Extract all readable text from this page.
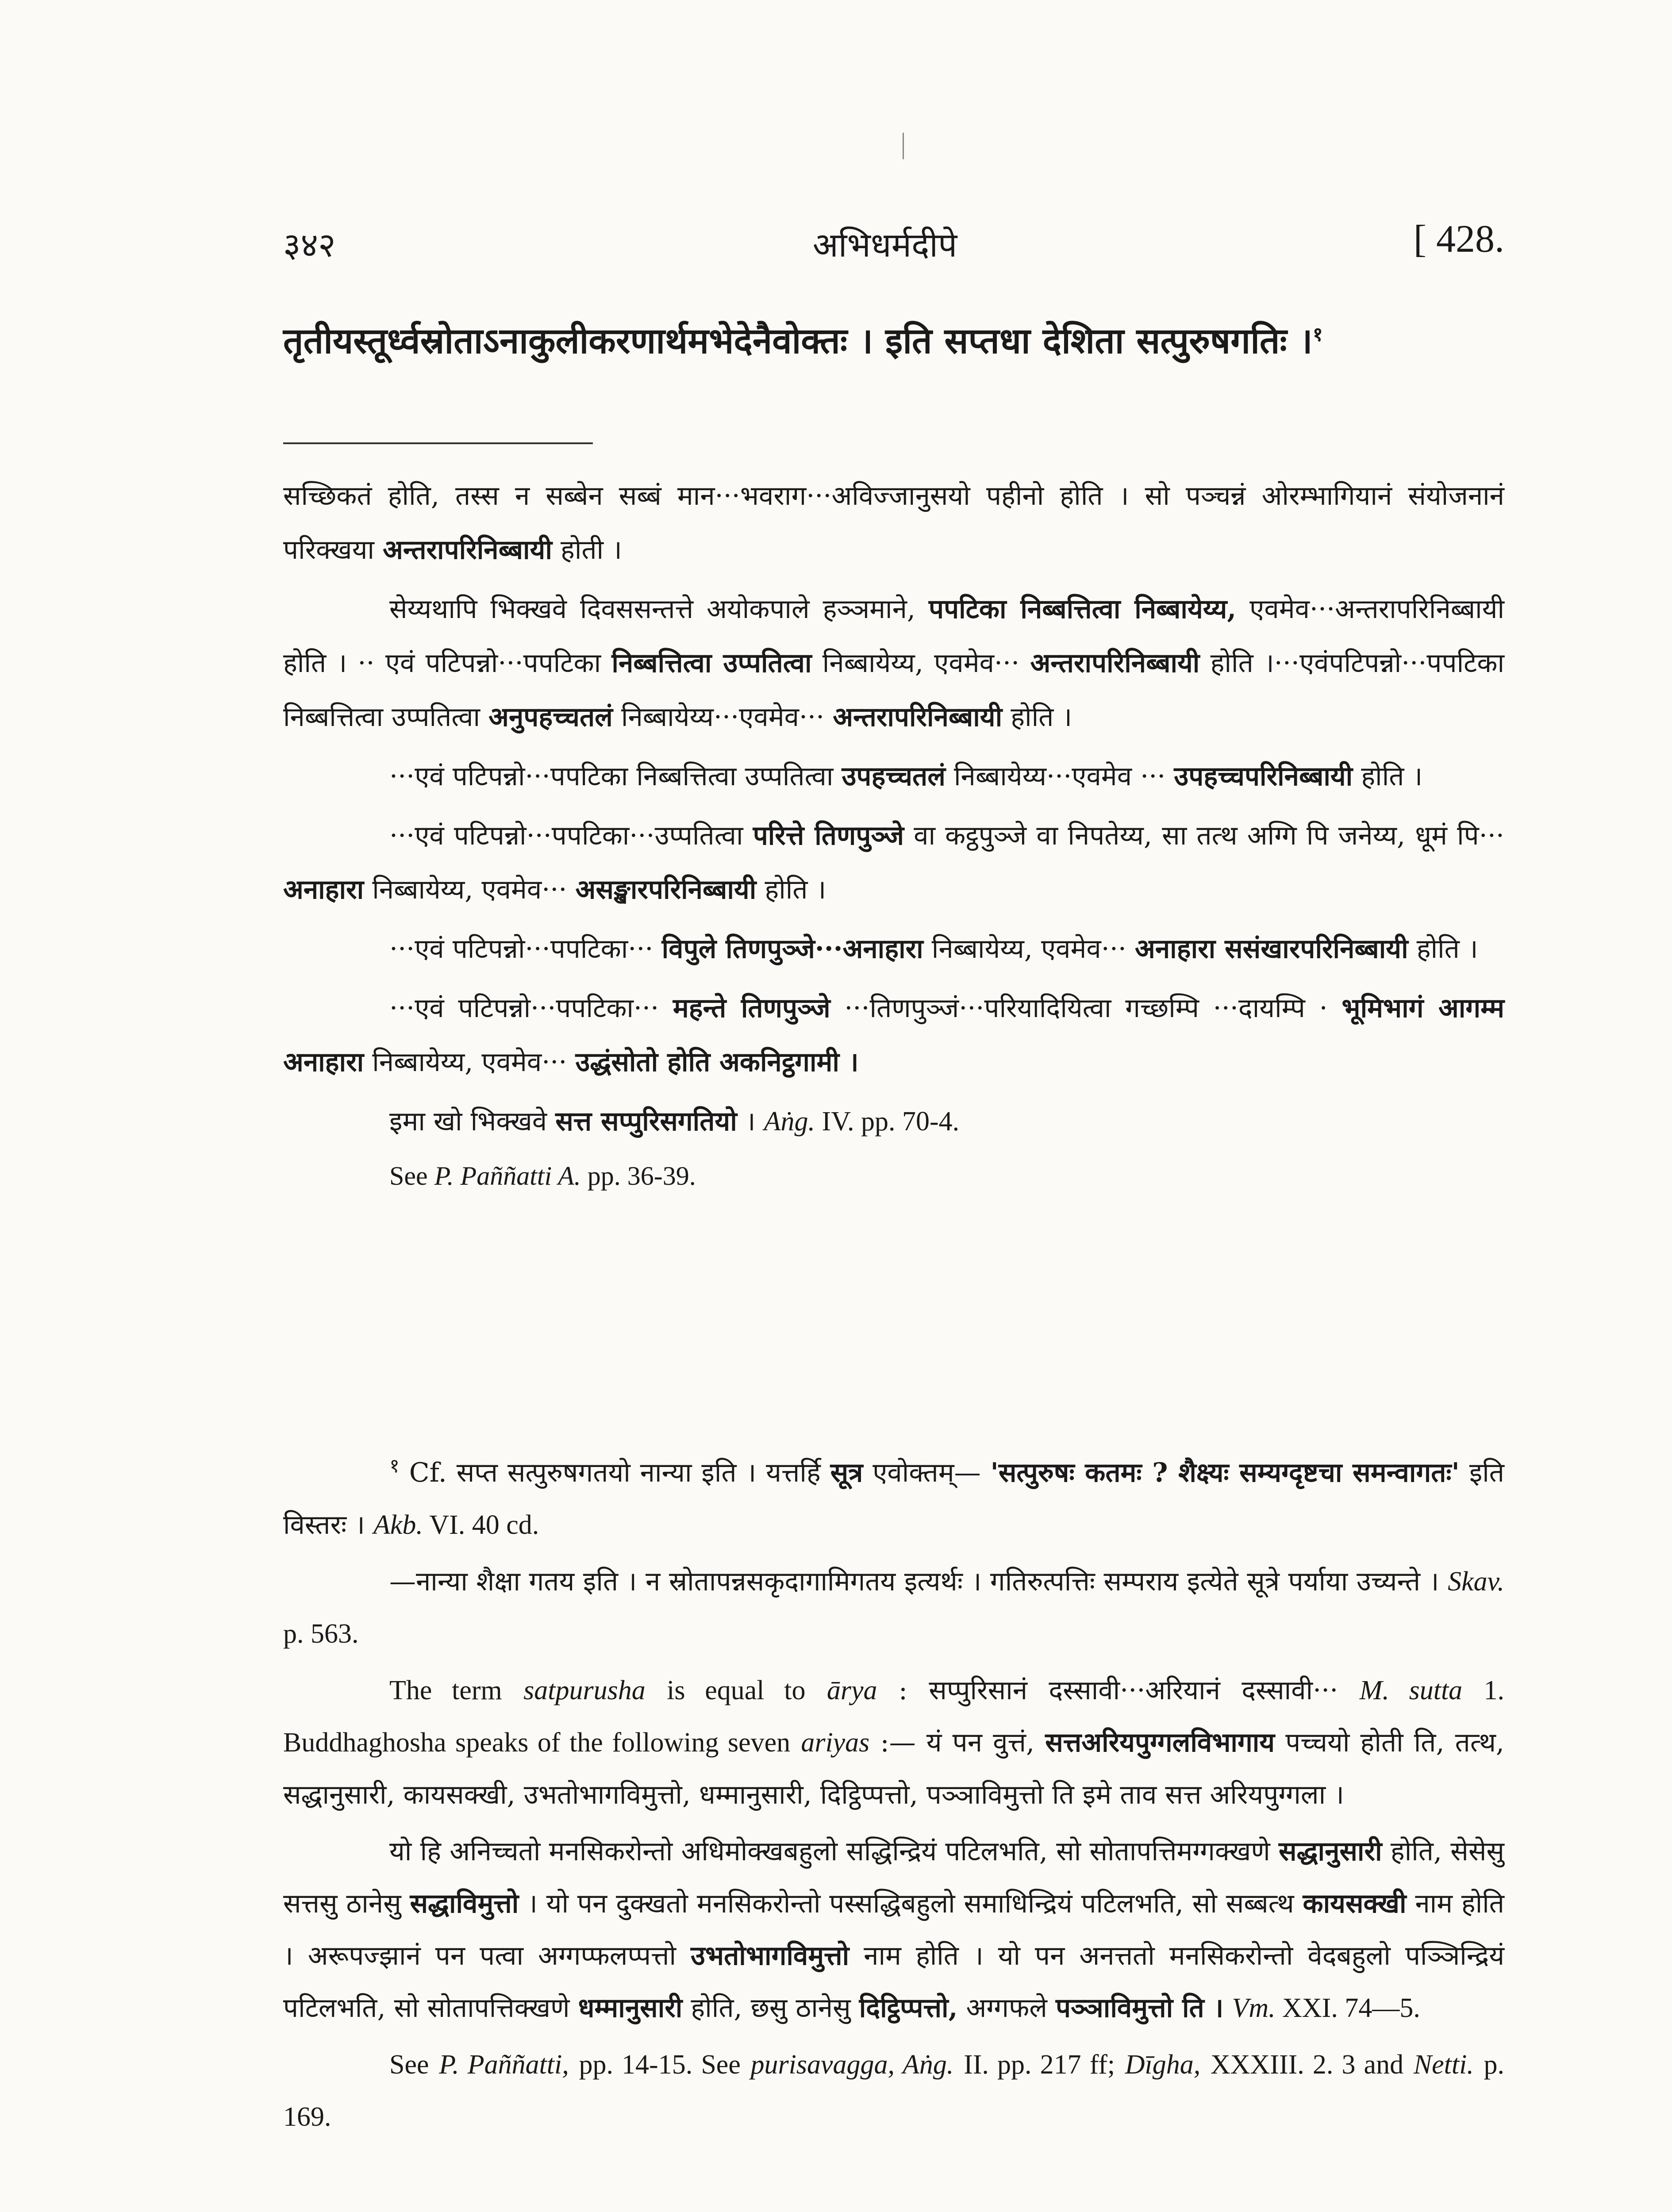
३४२	अभिधर्मदीपे	[ 428.
तृतीयस्तूर्ध्वस्रोताऽनाकुलीकरणार्थमभेदेनैवोक्तः । इति सप्तधा देशिता सत्पुरुषगतिः ।$^१$

सच्छिकतं होति, तस्स न सब्बेन सब्बं मान···भवराग···अविज्जानुसयो पहीनो होति । सो पञ्चन्नं ओरम्भागियानं संयोजनानं परिक्खया अन्तरापरिनिब्बायी होती ।

सेय्यथापि भिक्खवे दिवससन्तत्ते अयोकपाले हञ्ञमाने, पपटिका निब्बत्तित्वा निब्बायेय्य, एवमेव···अन्तरापरिनिब्बायी होति । ·· एवं पटिपन्नो···पपटिका निब्बत्तित्वा उप्पतित्वा निब्बायेय्य, एवमेव··· अन्तरापरिनिब्बायी होति ।···एवंपटिपन्नो···पपटिका निब्बत्तित्वा उप्पतित्वा अनुपहच्चतलं निब्बायेय्य···एवमेव··· अन्तरापरिनिब्बायी होति ।

···एवं पटिपन्नो···पपटिका निब्बत्तित्वा उप्पतित्वा उपहच्चतलं निब्बायेय्य···एवमेव ··· उपहच्चपरिनिब्बायी होति ।

···एवं पटिपन्नो···पपटिका···उप्पतित्वा परित्ते तिणपुञ्जे वा कट्ठपुञ्जे वा निपतेय्य, सा तत्थ अग्गि पि जनेय्य, धूमं पि··· अनाहारा निब्बायेय्य, एवमेव··· असङ्खारपरिनिब्बायी होति ।

···एवं पटिपन्नो···पपटिका··· विपुले तिणपुञ्जे···अनाहारा निब्बायेय्य, एवमेव··· अनाहारा ससंखारपरिनिब्बायी होति ।

···एवं पटिपन्नो···पपटिका··· महन्ते तिणपुञ्जे ···तिणपुञ्जं···परियादियित्वा गच्छम्पि ···दायम्पि · भूमिभागं आगम्म अनाहारा निब्बायेय्य, एवमेव··· उद्धंसोतो होति अकनिट्ठगामी ।

इमा खो भिक्खवे सत्त सप्पुरिसगतियो । Aṅg. IV. pp. 70-4.

See P. Paññatti A. pp. 36-39.

$^१$ Cf. सप्त सत्पुरुषगतयो नान्या इति । यत्तर्हि सूत्र एवोक्तम्— 'सत्पुरुषः कतमः ? शैक्ष्यः सम्यग्दृष्टचा समन्वागतः' इति विस्तरः । Akb. VI. 40 cd.

—नान्या शैक्षा गतय इति । न स्रोतापन्नसकृदागामिगतय इत्यर्थः । गतिरुत्पत्तिः सम्पराय इत्येते सूत्रे पर्याया उच्यन्ते । Skav. p. 563.

The term satpurusha is equal to ārya : सप्पुरिसानं दस्सावी···अरियानं दस्सावी··· M. sutta 1. Buddhaghosha speaks of the following seven ariyas :— यं पन वुत्तं, सत्तअरियपुग्गलविभागाय पच्चयो होती ति, तत्थ, सद्धानुसारी, कायसक्खी, उभतोभागविमुत्तो, धम्मानुसारी, दिट्ठिप्पत्तो, पञ्ञाविमुत्तो ति इमे ताव सत्त अरियपुग्गला ।

यो हि अनिच्चतो मनसिकरोन्तो अधिमोक्खबहुलो सद्धिन्द्रियं पटिलभति, सो सोतापत्तिमग्गक्खणे सद्धानुसारी होति, सेसेसु सत्तसु ठानेसु सद्धाविमुत्तो । यो पन दुक्खतो मनसिकरोन्तो पस्सद्धिबहुलो समाधिन्द्रियं पटिलभति, सो सब्बत्थ कायसक्खी नाम होति । अरूपज्झानं पन पत्वा अग्गप्फलप्पत्तो उभतोभागविमुत्तो नाम होति । यो पन अनत्ततो मनसिकरोन्तो वेदबहुलो पञ्ञिन्द्रियं पटिलभति, सो सोतापत्तिक्खणे धम्मानुसारी होति, छसु ठानेसु दिट्ठिप्पत्तो, अग्गफले पञ्ञाविमुत्तो ति । Vm. XXI. 74—5.

See P. Paññatti, pp. 14-15. See purisavagga, Aṅg. II. pp. 217 ff; Dīgha, XXXIII. 2. 3 and Netti. p. 169.
